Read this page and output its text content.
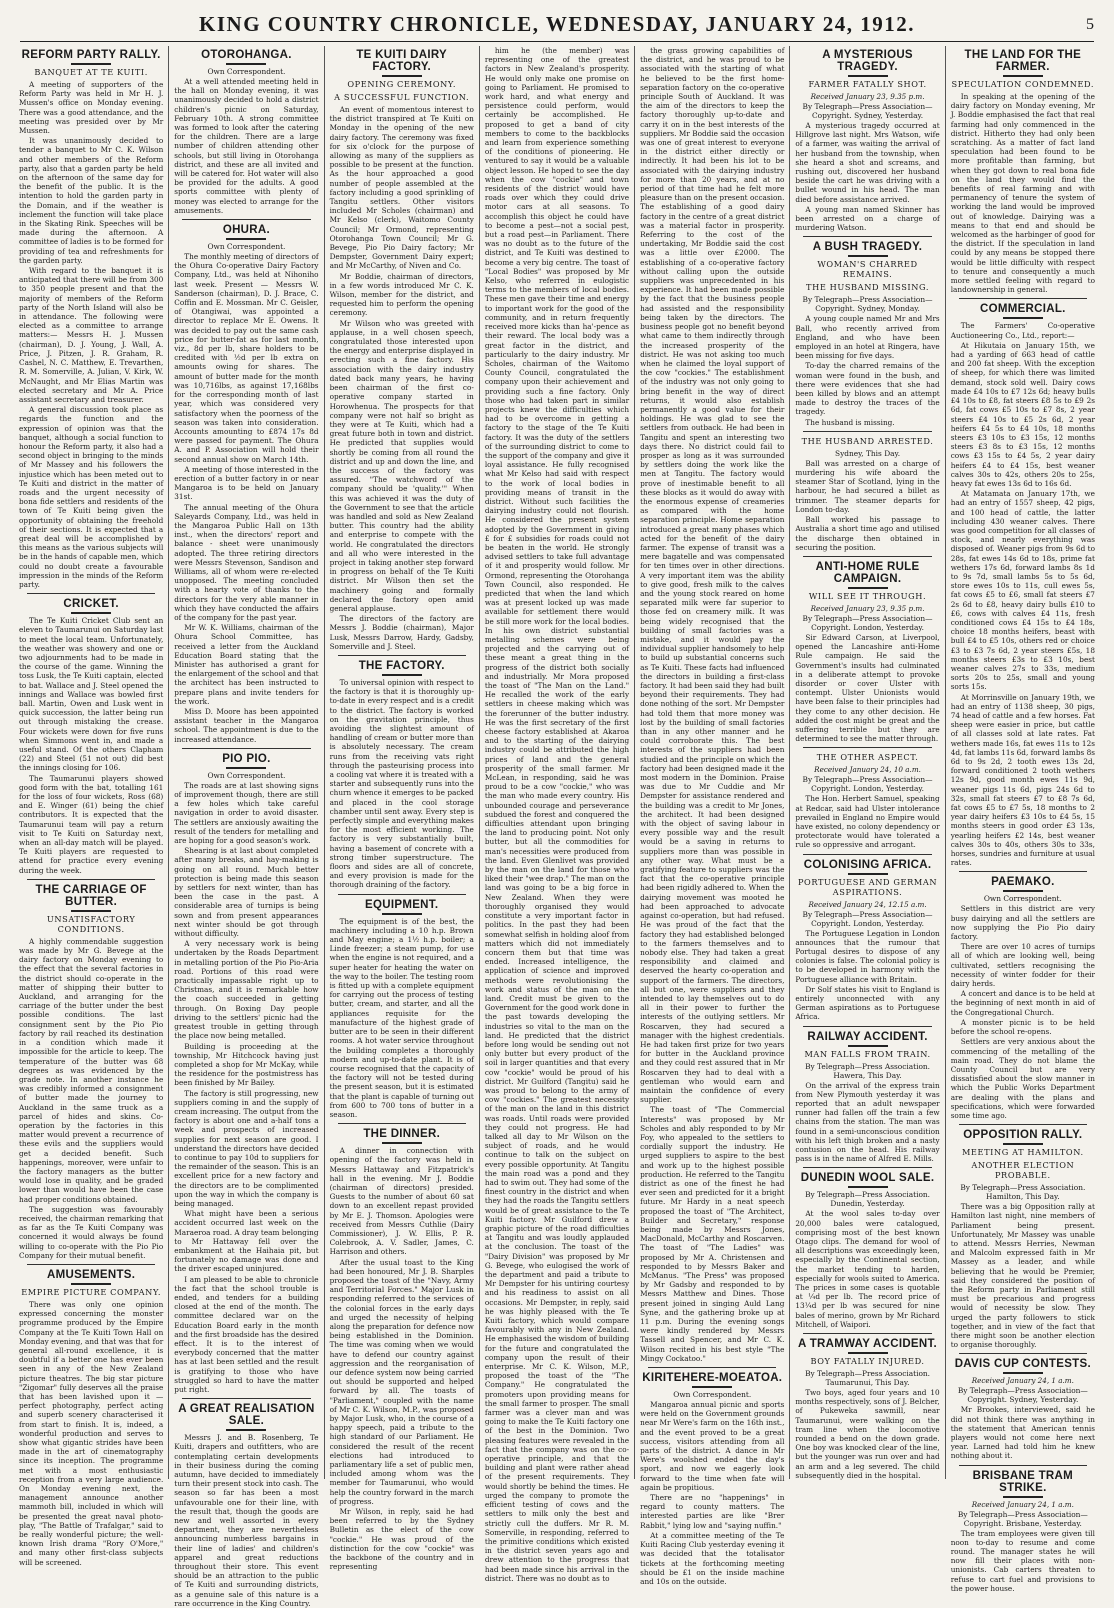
KING COUNTRY CHRONICLE, WEDNESDAY, JANUARY 24, 1912.	5
REFORM PARTY RALLY.
BANQUET AT TE KUITI.

A meeting of supporters of the Reform Party was held in Mr H. J. Mussen's office on Monday evening. There was a good attendance, and the meeting was presided over by Mr Mussen.

It was unanimously decided to tender a banquet to Mr C. K. Wilson and other members of the Reform party, also that a garden party be held on the afternoon of the same day for the benefit of the public. It is the intention to hold the garden party in the Domain, and if the weather is inclement the function will take place in the Skating Rink. Speeches will be made during the afternoon. A committee of ladies is to be formed for providing of tea and refreshments for the garden party.

With regard to the banquet it is anticipated that there will be from 300 to 350 people present and that the majority of members of the Reform party of the North Island will also be in attendance. The following were elected as a committee to arrange matters:— Messrs H. J. Mussen (chairman), D. J. Young, J. Wall, A. Price, J. Pitzen, J. R. Graham, R. Cashel, N. C. Matthew, E. Trevarthen, R. M. Somerville, A. Julian, V. Kirk, W. McNaught, and Mr Elias Martin was elected secretary and Mr A. Price assistant secretary and treasurer.

A general discussion took place as regards the function and the expression of opinion was that the banquet, although a social function to honour the Reform party, it also had a second object in bringing to the minds of Mr Massey and his followers the injustice which has been meted out to Te Kuiti and district in the matter of roads and the urgent necessity of bona fide settlers and residents of the town of Te Kuiti being given the opportunity of obtaining the freehold of their sections. It is expected that a great deal will be accomplished by this means as the various subjects will be in the hands of capable men, which could no doubt create a favourable impression in the minds of the Reform party.

CRICKET.

The Te Kuiti Cricket Club sent an eleven to Taumarunui on Saturday last to meet the local team. Unfortunately, the weather was showery and one or two adjournments had to be made in the course of the game. Winning the toss Lusk, the Te Kuiti captain, elected to bat. Wallace and J. Steel opened the innings and Wallace was bowled first ball. Martin, Owen and Lusk went in quick succession, the latter being run out through mistaking the crease. Four wickets were down for five runs when Simmons went in, and made a useful stand. Of the others Clapham (22) and Steel (51 not out) did best the innings closing for 106.

The Taumarunui players showed good form with the bat, totalling 161 for the loss of four wickets, Ross (68) and E. Winger (61) being the chief contributors. It is expected that the Taumarunui team will pay a return visit to Te Kuiti on Saturday next, when an all-day match will be played. Te Kuiti players are requested to attend for practice every evening during the week.

THE CARRIAGE OF BUTTER.
UNSATISFACTORY CONDITIONS.

A highly commendable suggestion was made by Mr G. Bevege at the dairy factory on Monday evening to the effect that the several factories in the district should co-operate in the matter of shipping their butter to Auckland, and arranging for the carriage of the butter under the best possible conditions. The last consignment sent by the Pio Pio factory by rail reached its destination in a condition which made it impossible for the article to keep. The temperature of the butter was 68 degrees as was evidenced by the grade note. In another instance he was credibly informed a consignment of butter made the journey to Auckland in the same truck as a parcel of hides and skins. Co-operation by the factories in this matter would prevent a recurrence of these evils and the suppliers would get a decided benefit. Such happenings, moreover, were unfair to the factory managers as the butter would lose in quality, and be graded lower than would have been the case had proper conditions obtained.

The suggestion was favourably received, the chairman remarking that as far as the Te Kuiti Company was concerned it would always be found willing to co-operate with the Pio Pio Company for their mutual benefit.

AMUSEMENTS.
EMPIRE PICTURE COMPANY.

There was only one opinion expressed concerning the monster programme produced by the Empire Company at the Te Kuiti Town Hall on Monday evening, and that was that for general all-round excellence, it is doubtful if a better one has ever been seen in any of the New Zealand picture theatres. The big star picture "Zigomar" fully deserves all the praise that has been lavished upon it —perfect photography, perfect acting and superb scenery characterised it from start to finish. It is, indeed, a wonderful production and serves to show what gigantic strides have been made in the art of cinematography since its inception. The programme met with a most enthusiastic reception from a very large audience. On Monday evening next, the management announce another mammoth bill, included in which will be presented the great naval photo-play, "The Battle of Trafalgar," said to be really wonderful picture; the well-known Irish drama "Rory O'More," and many other first-class subjects will be screened.

OTOROHANGA.
Own Correspondent.

At a well attended meeting held in the hall on Monday evening, it was unanimously decided to hold a district children's picnic on Saturday, February 10th. A strong committee was formed to look after the catering for the children. There are a large number of children attending other schools, but still living in Otorohanga district, and these are all invited and will be catered for. Hot water will also be provided for the adults. A good sports committee with plenty of money was elected to arrange for the amusements.

OHURA.
Own Correspondent.

The monthly meeting of directors of the Ohura Co-operative Dairy Factory Company, Ltd., was held at Nihoniho last week. Present — Messrs W. Sanderson (chairman), D. J. Brace, C. Coffin and E. Mossman. Mr C. Geisler, of Otangiwai, was appointed a director to replace Mr E. Owens. It was decided to pay out the same cash price for butter-fat as for last month, viz., 8d per lb, share holders to be credited with ½d per lb extra on amounts owing for shares. The amount of butter made for the month was 10,716lbs, as against 17,168lbs for the corresponding month of last year, which was considered very satisfactory when the poorness of the season was taken into consideration. Accounts amounting to £874 17s 8d were passed for payment. The Ohura A. and P. Association will hold their second annual show on March 14th.

A meeting of those interested in the erection of a butter factory in or near Mangaroa is to be held on January 31st.

The annual meeting of the Ohura Saleyards Company, Ltd., was held in the Mangaroa Public Hall on 13th inst., when the directors' report and balance - sheet were unanimously adopted. The three retiring directors were Messrs Stevenson, Sandison and Williams, all of whom were re-elected unopposed. The meeting concluded with a hearty vote of thanks to the directors for the very able manner in which they have conducted the affairs of the company for the past year.

Mr W. K. Williams, chairman of the Ohura School Committee, has received a letter from the Auckland Education Board stating that the Minister has authorised a grant for the enlargement of the school and that the architect has been instructed to prepare plans and invite tenders for the work.

Miss D. Moore has been appointed assistant teacher in the Mangaroa school. The appointment is due to the increased attendance.

PIO PIO.
Own Correspondent.

The roads are at last showing signs of improvement though, there are still a few holes which take careful navigation in order to avoid disaster. The settlers are anxiously awaiting the result of the tenders for metalling and are hoping for a good season's work.

Shearing is at last about completed after many breaks, and hay-making is going on all round. Much better protection is being made this season by settlers for next winter, than has been the case in the past. A considerable area of turnips is being sown and from present appearances next winter should be got through without difficulty.

A very necessary work is being undertaken by the Roads Department in metalling portion of the Pio Pio-Aria road. Portions of this road were practically impassable right up to Christmas, and it is remarkable how the coach succeeded in getting through. On Boxing Day people driving to the settlers' picnic had the greatest trouble in getting through the place now being metalled.

Building is proceeding at the township, Mr Hitchcock having just completed a shop for Mr McKay, while the residence for the postmistress has been finished by Mr Bailey.

The factory is still progressing, new suppliers coming in and the supply of cream increasing. The output from the factory is about one and a-half tons a week and prospects of increased supplies for next season are good. I understand the directors have decided to continue to pay 10d to suppliers for the remainder of the season. This is an excellent price for a new factory and the directors are to be complimented upon the way in which the company is being managed.

What might have been a serious accident occurred last week on the Maraeroa road. A dray team belonging to Mr Hattaway fell over the embankment at the Haihaia pit, but fortunately no damage was done and the driver escaped uninjured.

I am pleased to be able to chronicle the fact that the school trouble is ended, and tenders for a building closed at the end of the month. The committee declared war on the Education Board early in the month and the first broadside has the desired effect. It is to the interest of everybody concerned that the matter has at last been settled and the result is gratifying to those who have struggled so hard to have the matter put right.

A GREAT REALISATION SALE.

Messrs J. and B. Rosenberg, Te Kuiti, drapers and outfitters, who are contemplating certain developments in their business during the coming autumn, have decided to immediately turn their present stock into cash. The season so far has been a most unfavourable one for their line, with the result that, though the goods are new and well assorted in every department, they are nevertheless announcing numberless bargains in their line of ladies' and children's apparel and great reductions throughout their store. This event should be an attraction to the public of Te Kuiti and surrounding districts, as a genuine sale of this nature is a rare occurrence in the King Country.

TE KUITI DAIRY FACTORY.
OPENING CEREMONY.
A SUCCESSFUL FUNCTION.

An event of momentous interest to the district transpired at Te Kuiti on Monday in the opening of the new dairy factory. The ceremony was fixed for six o'clock for the purpose of allowing as many of the suppliers as possible to be present at the function. As the hour approached a good number of people assembled at the factory including a good sprinkling of Tangitu settlers. Other visitors included Mr Scholes (chairman) and Mr Kelso (clerk), Waitomo County Council; Mr Ormond, representing Otorohanga Town Council; Mr G. Bevege, Pio Pio Dairy factory; Mr Dempster, Government Dairy expert; and Mr McCarthy, of Niven and Co.

Mr Boddie, chairman of directors, in a few words introduced Mr C. K. Wilson, member for the district, and requested him to perform the opening ceremony.

Mr Wilson who was greeted with applause, in a well chosen speech, congratulated those interested upon the energy and enterprise displayed in erecting such a fine factory. His association with the dairy industry dated back many years, he having been chairman of the first co-operative company started in Horowhenua. The prospects for that company were not half so bright as they were at Te Kuiti, which had a great future both in town and district. He predicted that supplies would shortly be coming from all round the district and up and down the line, and the success of the factory was assured. "The watchword of the company should be 'quality.'" When this was achieved it was the duty of the Government to see that the article was handled and sold as New Zealand butter. This country had the ability and enterprise to compete with the world. He congratulated the directors and all who were interested in the project in taking another step forward in progress on behalf of the Te Kuiti district. Mr Wilson then set the machinery going and formally declared the factory open amid general applause.

The directors of the factory are Messrs J. Boddie (chairman), Major Lusk, Messrs Darrow, Hardy, Gadsby, Somerville and J. Steel.

THE FACTORY.

To universal opinion with respect to the factory is that it is thoroughly up-to-date in every respect and is a credit to the district. The factory is worked on the gravitation principle, thus avoiding the slightest amount of handling of cream or butter more than is absolutely necessary. The cream runs from the receiving vats right through the pasteurising process into a cooling vat where it is treated with a starter and subsequently runs into the churn whence it emerges to be packed and placed in the cool storage chamber until sent away. Every step is perfectly simple and everything makes for the most efficient working. The factory is very substantially built, having a basement of concrete with a strong timber superstructure. The floors and sides are all of concrete, and every provision is made for the thorough draining of the factory.

EQUIPMENT.

The equipment is of the best, the machinery including a 10 h.p. Brown and May engine; a 1½ h.p. boiler; a Linde freezer; a steam pump, for use when the engine is not required, and a super heater for heating the water on the way to the boiler. The testing room is fitted up with a complete equipment for carrying out the process of testing butter, cream, and starter, and all the appliances requisite for the manufacture of the highest grade of butter are to be seen in their different rooms. A hot water service throughout the building completes a thoroughly modern and up-to-date plant. It is of course recognised that the capacity of the factory will not be tested during the present season, but it is estimated that the plant is capable of turning out from 600 to 700 tons of butter in a season.

THE DINNER.

A dinner in connection with opening of the factory was held in Messrs Hattaway and Fitzpatrick's hall in the evening. Mr J. Boddie (chairman of directors) presided. Guests to the number of about 60 sat down to an excellent repast provided by Mr E. J. Thomson. Apologies were received from Messrs Cuthlie (Dairy Commissioner), J. W. Ellis, P. R. Colebrook, A. V. Sadler, James, C. Harrison and others.

After the usual toast to the King had been honoured, Mr J. B. Sharples proposed the toast of the "Navy, Army and Territorial Forces." Major Lusk in responding referred to the services of the colonial forces in the early days and urged the necessity of helping along the preparation for defence now being established in the Dominion. The time was coming when we would have to defend our country against aggression and the reorganisation of our defence system now being carried out should be supported and helped forward by all. The toasts of "Parliament," coupled with the name of Mr C. K. Wilson, M.P., was proposed by Major Lusk, who, in the course of a happy speech, paid a tribute to the high standard of our Parliament. He considered the result of the recent elections had introduced to parliamentary life a set of public men, included among whom was the member for Taumarunui, who would help the country forward in the march of progress.

Mr Wilson, in reply, said he had been referred to by the Sydney Bulletin as the elect of the cow "cockie." He was proud of the distinction for the cow "cockie" was the backbone of the country and in representing

him he (the member) was representing one of the greatest factors in New Zealand's prosperity. He would only make one promise on going to Parliament. He promised to work hard, and what energy and persistence could perform, would certainly be accomplished. He proposed to get a band of city members to come to the backblocks and learn from experience something of the conditions of pioneering. He ventured to say it would be a valuable object lesson. He hoped to see the day when the cow "cockie" and town residents of the district would have roads over which they could drive motor cars at all seasons. To accomplish this object he could have to become a pest—not a social pest, but a road pest—in Parliament. There was no doubt as to the future of the district, and Te Kuiti was destined to become a very big centre. The toast of "Local Bodies" was proposed by Mr Kelso, who referred in eulogistic terms to the members of local bodies. These men gave their time and energy to important work for the good of the community, and in return frequently received more kicks than ha'-pence as their reward. The local body was a great factor in the district, and particularly to the dairy industry. Mr Scholes, chairman of the Waitomo County Council, congratulated the company upon their achievement and providing such a fine factory. Only those who had taken part in similar projects knew the difficulties which had to be overcome in getting a factory to the stage of the Te Kuiti factory. It was the duty of the settlers of the surrounding district to come to the support of the company and give it loyal assistance. He fully recognised what Mr Kelso had said with respect to the work of local bodies in providing means of transit in the district. Without such facilities the dairying industry could not flourish. He considered the present system adopted by the Government in giving £ for £ subsidies for roads could not be beaten in the world. He strongly advised settlers to take full advantage of it and prosperity would follow. Mr Ormond, representing the Otorohanga Town Council, also responded. He predicted that when the land which was at present locked up was made available for settlement there would be still more work for the local bodies. In his own district substantial metalling schemes were being projected and the carrying out of these meant a great thing in the progress of the district both socially and industrially. Mr Mora proposed the toast of "The Man on the Land." He recalled the work of the early settlers in cheese making which was the forerunner of the butter industry. He was the first secretary of the first cheese factory established at Akaroa and to the starting of the dairying industry could be attributed the high prices of land and the general prosperity of the small farmer. Mr McLean, in responding, said he was proud to be a cow "cockie," who was the man who made every country. His unbounded courage and perseverance subdued the forest and conquered the difficulties attendant upon bringing the land to producing point. Not only butter, but all the commodities for man's necessities were produced from the land. Even Glenlivet was provided by the man on the land for those who liked their "wee drap." The man on the land was going to be a big force in New Zealand. When they were thoroughly organised they would constitute a very important factor in politics. In the past they had been somewhat selfish in holding aloof from matters which did not immediately concern them but that time was ended. Increased intelligence, the application of science and improved methods were revolutionising the work and status of the man on the land. Credit must be given to the Government for the good work done in the past towards developing the industries so vital to the man on the land. He predicted that the district before long would be sending out not only butter but every product of the soil in larger quantities and that every cow "cockie" would be proud of his district. Mr Guilford (Tangitu) said he was proud to belong to the army of cow "cockies." The greatest necessity of the man on the land in this district was roads. Until roads were provided they could not progress. He had talked all day to Mr Wilson on the subject of roads, and he would continue to talk on the subject on every possible opportunity. At Tangitu the main road was a pond and they had to swim out. They had some of the finest country in the district and when they had the roads the Tangitu settlers would be of great assistance to the Te Kuiti factory. Mr Guilford drew a graphic picture of the road difficulties at Tangitu and was loudly applauded at the conclusion. The toast of the "Dairy Division" was proposed by Mr G. Bevege, who eulogised the work of the department and paid a tribute to Mr Dempster for his untiring courtesy and his readiness to assist on all occasions. Mr Dempster, in reply, said he was highly pleased with the Te Kuiti factory, which would compare favourably with any in New Zealand. He emphasised the wisdom of building for the future and congratulated the company upon the result of their enterprise. Mr C. K. Wilson, M.P., proposed the toast of the "The Company." He congratulated the promoters upon providing means for the small farmer to prosper. The small farmer was a clever man and was going to make the Te Kuiti factory one of the best in the Dominion. Two pleasing features were revealed in the fact that the company was on the co-operative principle, and that the building and plant were rather ahead of the present requirements. They would shortly be behind the times. He urged the company to promote the efficient testing of cows and the settlers to milk only the best and strictly cull the duffers. Mr R. M. Somerville, in responding, referred to the primitive conditions which existed in the district seven years ago and drew attention to the progress that had been made since his arrival in the district. There was no doubt as to

the grass growing capabilities of the district, and he was proud to be associated with the starting of what he believed to be the first home-separation factory on the co-operative principle South of Auckland. It was the aim of the directors to keep the factory thoroughly up-to-date and carry it on in the best interests of the suppliers. Mr Boddie said the occasion was one of great interest to everyone in the district either directly or indirectly. It had been his lot to be associated with the dairying industry for more than 20 years, and at no period of that time had he felt more pleasure than on the present occasion. The establishing of a good dairy factory in the centre of a great district was a material factor in prosperity. Referring to the cost of the undertaking, Mr Boddie said the cost was a little over £2000. The establishing of a co-operative factory without calling upon the outside suppliers was unprecedented in his experience. It had been made possible by the fact that the business people had assisted and the responsibility being taken by the directors. The business people got no benefit beyond what came to them indirectly through the increased prosperity of the district. He was not asking too much when he claimed the loyal support of the cow "cockies." The establishment of the industry was not only going to bring benefit in the way of direct returns, it would also establish permanently a good value for their holdings. He was glad to see the settlers from outback. He had been in Tangitu and spent an interesting two days there. No district could fail to prosper as long as it was surrounded by settlers doing the work like the men at Tangitu. The factory would prove of inestimable benefit to all these blocks as it would do away with the enormous expense of creameries as compared with the home separation principle. Home separation introduced a great many phases which acted for the benefit of the dairy farmer. The expense of transit was a mere bagatelle and was compensated for ten times over in other directions. A very important item was the ability to give good, fresh milk to the calves and the young stock reared on home separated milk were far superior to those fed on creamery milk. It was being widely recognised that the building of small factories was a mistake, and it would pay the individual supplier handsomely to help to build up substantial concerns such as Te Kuiti. These facts had influenced the directors in building a first-class factory. It had been said they had built beyond their requirements. They had done nothing of the sort. Mr Dempster had told them that more money was lost by the building of small factories than in any other manner and he could corroborate this. The best interests of the suppliers had been studied and the principle on which the factory had been designed made it the most modern in the Dominion. Praise was due to Mr Cuddie and Mr Dempster for assistance rendered and the building was a credit to Mr Jones, the architect. It had been designed with the object of saving labour in every possible way and the result would be a saving in returns to suppliers more than was possible in any other way. What must be a gratifying feature to suppliers was the fact that the co-operative principle had been rigidly adhered to. When the dairying movement was mooted he had been approached to advocate against co-operation, but had refused. He was proud of the fact that the factory they had established belonged to the farmers themselves and to nobody else. They had taken a great responsibility and claimed and deserved the hearty co-operation and support of the farmers. The directors, all but one, were suppliers and they intended to lay themselves out to do all in their power to further the interests of the outlying settlers. Mr Roscarven, they had secured a manager with the highest credentials. He had taken first prize for two years for butter in the Auckland province and they could rest assured that in Mr Roscarven they had to deal with a gentleman who would earn and maintain the confidence of every supplier.

The toast of "The Commercial Interests" was proposed by Mr Scholes and ably responded to by Mr Foy, who appealed to the settlers to cordially support the industry. He urged suppliers to aspire to the best and work up to the highest possible production. He referred to the Tangitu district as one of the finest he had ever seen and predicted for it a bright future. Mr Hardy in a neat speech proposed the toast of "The Architect, Builder and Secretary," response being made by Messrs Jones, MacDonald, McCarthy and Roscarven. The toast of "The Ladies" was proposed by Mr A. Christensen and responded to by Messrs Baker and McManus. "The Press" was proposed by Mr Gadsby and responded to by Messrs Matthew and Dines. Those present joined in singing Auld Lang Syne, and the gathering broke up at 11 p.m. During the evening songs were kindly rendered by Messrs Tassell and Spencer, and Mr C. K. Wilson recited in his best style "The Mingy Cockatoo."

KIRITEHERE-MOEATOA.
Own Correspondent.

Mangaroa annual picnic and sports were held on the Government grounds near Mr Were's farm on the 16th inst., and the event proved to be a great success, visitors attending from all parts of the district. A dance in Mr Were's woolshed ended the day's sport, and now we eagerly look forward to the time when fate will again be propitious.

There are no "happenings" in regard to county matters. The interested parties are like "Brer Rabbit," lying low and "saying nuffin."

At a committee meeting of the Te Kuiti Racing Club yesterday evening it was decided that the totalisator tickets at the forthcoming meeting should be £1 on the inside machine and 10s on the outside.

A MYSTERIOUS TRAGEDY.
FARMER FATALLY SHOT.
Received January 23, 9.35 p.m.
By Telegraph—Press Association—Copyright. Sydney, Yesterday.

A mysterious tragedy occurred at Hillgrove last night. Mrs Watson, wife of a farmer, was waiting the arrival of her husband from the township, when she heard a shot and screams, and rushing out, discovered her husband beside the cart he was driving with a bullet wound in his head. The man died before assistance arrived.

A young man named Skinner has been arrested on a charge of murdering Watson.

A BUSH TRAGEDY.
WOMAN'S CHARRED REMAINS.
THE HUSBAND MISSING.
By Telegraph—Press Association—Copyright. Sydney, Monday.

A young couple named Mr and Mrs Ball, who recently arrived from England, and who have been employed in an hotel at Ringera, have been missing for five days.

To-day the charred remains of the woman were found in the bush, and there were evidences that she had been killed by blows and an attempt made to destroy the traces of the tragedy.

The husband is missing.

THE HUSBAND ARRESTED.
Sydney, This Day.

Ball was arrested on a charge of murdering his wife aboard the steamer Star of Scotland, lying in the harbour, he had secured a billet as trimmer. The steamer departs for London to-day.

Ball worked his passage to Australia a short time ago and utilised the discharge then obtained in securing the position.

ANTI-HOME RULE CAMPAIGN.
WILL SEE IT THROUGH.
Received January 23, 9.35 p.m.
By Telegraph—Press Association—Copyright. London, Yesterday.

Sir Edward Carson, at Liverpool, opened the Lancashire anti-Home Rule campaign. He said the Government's insults had culminated in a deliberate attempt to provoke disorder or cover Ulster with contempt. Ulster Unionists would have been false to their principles had they come to any other decision. He added the cost might be great and the suffering terrible but they are determined to see the matter through.

THE OTHER ASPECT.
Received January 24, 10 a.m.
By Telegraph—Press Association—Copyright. London, Yesterday.

The Hon. Herbert Samuel, speaking at Redcar, said had Ulster intolerance prevailed in England no Empire would have existed, no colony dependency or protectorate would have tolerated a rule so oppressive and arrogant.

COLONISING AFRICA.
PORTUGUESE AND GERMAN ASPIRATIONS.
Received January 24, 12.15 a.m.
By Telegraph—Press Association—Copyright. London, Yesterday.

The Portuguese Legation in London announces that the rumour that Portugal desires to dispose of any colonies is false. The colonial policy is to be developed in harmony with the Portuguese alliance with Britain.

Dr Solf states his visit to England is entirely unconnected with any German aspirations as to Portuguese Africa.

RAILWAY ACCIDENT.
MAN FALLS FROM TRAIN.
By Telegraph—Press Association. Hawera, This Day.

On the arrival of the express train from New Plymouth yesterday it was reported that an adult newspaper runner had fallen off the train a few chains from the station. The man was found in a semi-unconscious condition with his left thigh broken and a nasty contusion on the head. His railway pass is in the name of Alfred E. Mills.

DUNEDIN WOOL SALE.
By Telegraph—Press Association. Dunedin, Yesterday.

At the wool sales to-day over 20,000 bales were catalogued, comprising most of the best known Otago clips. The demand for wool of all descriptions was exceedingly keen, especially by the Continental section, the market tending to harden, especially for wools suited to America. The prices in some cases is quotable at ¼d per lb. The record price of 13¼d per lb was secured for nine bales of merino, grown by Mr Richard Mitchell, of Waipori.

A TRAMWAY ACCIDENT.
BOY FATALLY INJURED.
By Telegraph—Press Association. Taumarunui, This Day.

Two boys, aged four years and 10 months respectively, sons of J. Belcher, of Pukeweka sawmill, near Taumarunui, were walking on the tram line when the locomotive rounded a bend on the down grade. One boy was knocked clear of the line, but the younger was run over and had an arm and a leg severed. The child subsequently died in the hospital.

THE LAND FOR THE FARMER.
SPECULATION CONDEMNED.

In speaking at the opening of the dairy factory on Monday evening, Mr J. Boddie emphasised the fact that real farming had only commenced in the district. Hitherto they had only been scratching. As a matter of fact land speculation had been found to be more profitable than farming, but when they got down to real bona fide on the land they would find the benefits of real farming and with permanency of tenure the system of working the land would be improved out of knowledge. Dairying was a means to that end and should be welcomed as the harbinger of good for the district. If the speculation in land could by any means be stopped there would be little difficulty with respect to tenure and consequently a much more settled feeling with regard to landownership in general.

COMMERCIAL.

The Farmers' Co-operative Auctioneering Co., Ltd., report:—

At Hikutaia on January 15th, we had a yarding of 663 head of cattle and 200 fat sheep. With the exception of sheep, for which there was limited demand, stock sold well. Dairy cows made £4 10s to £7 12s 6d; heavy bulls £4 10s to £8, fat steers £8 5s to £9 2s 6d, fat cows £5 10s to £7 8s, 2 year steers £4 10s to £5 2s 6d, 2 year heifers £4 5s to £4 10s, 18 months steers £3 10s to £3 15s, 12 months steers £3 8s to £3 15s, 12 months cows £3 15s to £4 5s, 2 year dairy heifers £4 to £4 15s, best weaner calves 30s to 42s, others 20s to 25s, heavy fat ewes 13s 6d to 16s 6d.

At Matamata on January 17th, we had an entry of 1557 sheep, 42 pigs, and 100 head of cattle, the latter including 430 weaner calves. There was good competition for all classes of stock, and nearly everything was disposed of. Weaner pigs from 9s 6d to 28s, fat ewes 14s 6d to 18s, prime fat wethers 17s 6d, forward lambs 8s 1d to 9s 7d, small lambs 5s to 5s 6d, store ewes 10s to 11s, cull ewes 5s, fat cows £5 to £6, small fat steers £7 2s 6d to £8, heavy dairy bulls £10 to £6, cows with calves £4 11s, fresh conditioned cows £4 15s to £4 18s, choice 18 months heifers, beast with bull £4 to £5 10s, others red or choice £3 to £3 7s 6d, 2 year steers £5s, 18 months steers £3s to £3 10s, best weaner calves 27s to 33s, medium sorts 20s to 25s, small and young sorts 15s.

At Morrinsville on January 19th, we had an entry of 1138 sheep, 30 pigs, 74 head of cattle and a few horses. Fat sheep were easier in price, but cattle of all classes sold at late rates. Fat wethers made 16s, fat ewes 11s to 12s 4d, fat lambs 11s 6d, forward lambs 8s 6d to 9s 2d, 2 tooth ewes 13s 2d, forward conditioned 2 tooth wethers 12s 9d, good month ewes 11s 9d, weaner pigs 11s 6d, pigs 24s 6d to 32s, small fat steers £7 to £8 7s 6d, fat cows £5 to £7 5s, 18 months to 2 year dairy heifers £3 10s to £4 5s, 15 months steers in good order £3 13s, yearling heifers £2 14s, best weaner calves 30s to 40s, others 30s to 33s, horses, sundries and furniture at usual rates.

PAEMAKO.
Own Correspondent.

Settlers in this district are very busy dairying and all the settlers are now supplying the Pio Pio dairy factory.

There are over 10 acres of turnips all of which are looking well, being cultivated, settlers recognising the necessity of winter fodder for their dairy herds.

A concert and dance is to be held at the beginning of next month in aid of the Congregational Church.

A monster picnic is to be held before the school re-opens.

Settlers are very anxious about the commencing of the metalling of the main road. They do not blame the County Council but are very dissatisfied about the slow manner in which the Public Works Department are dealing with the plans and specifications, which were forwarded some time ago.

OPPOSITION RALLY.
MEETING AT HAMILTON.
ANOTHER ELECTION PROBABLE.
By Telegraph—Press Association. Hamilton, This Day.

There was a big Opposition rally at Hamilton last night, nine members of Parliament being present. Unfortunately, Mr Massey was unable to attend. Messrs Herries, Newman and Malcolm expressed faith in Mr Massey as a leader, and while believing that he would be Premier, said they considered the position of the Reform party in Parliament still must be precarious and progress would of necessity be slow. They urged the party followers to stick together, and in view of the fact that there might soon be another election to organise thoroughly.

DAVIS CUP CONTESTS.
Received January 24, 1 a.m.
By Telegraph—Press Association—Copyright. Sydney, Yesterday.

Mr Brookes, interviewed, said he did not think there was anything in the statement that American tennis players would not come here next year. Larned had told him he knew nothing about it.

BRISBANE TRAM STRIKE.
Received January 24, 1 a.m.
By Telegraph—Press Association—Copyright. Brisbane, Yesterday.

The tram employees were given till noon to-day to resume and come round. The manager states he will now fill their places with non-unionists. Cab carters threaten to refuse to cart fuel and provisions to the power house.
